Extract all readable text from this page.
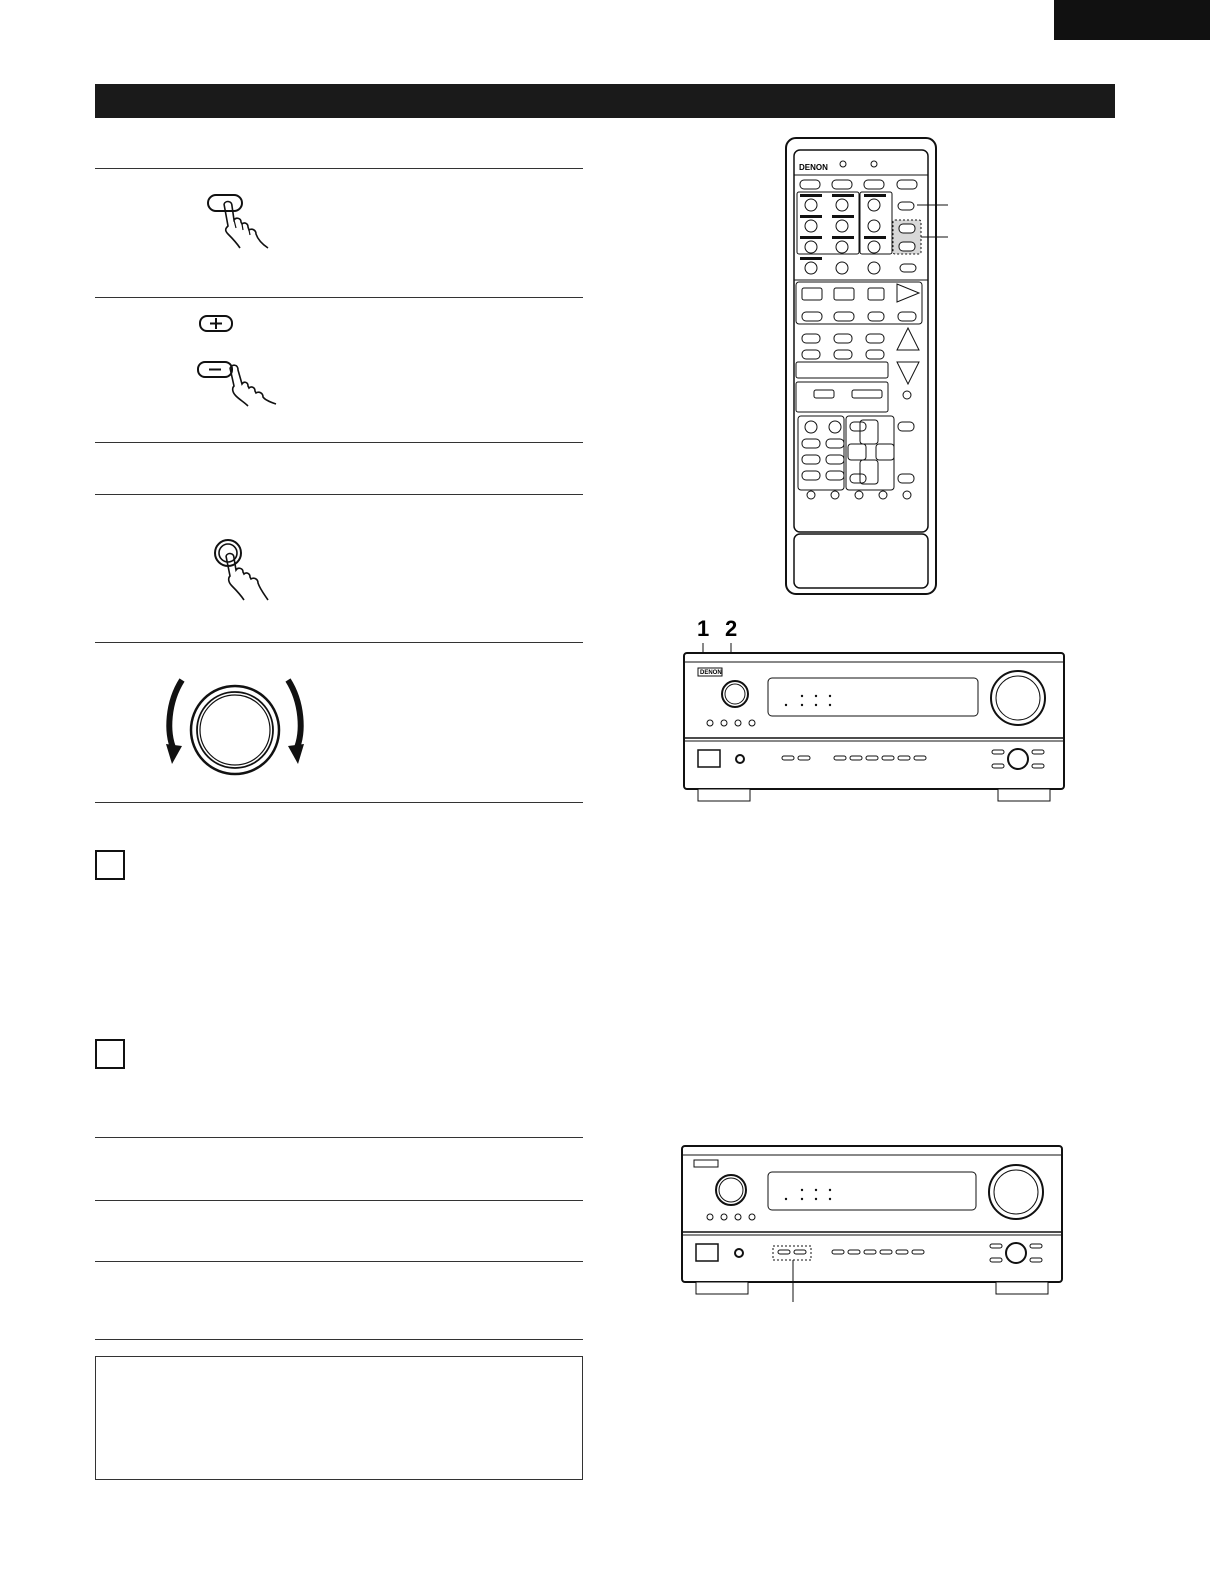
DENON
1 2
DENON
